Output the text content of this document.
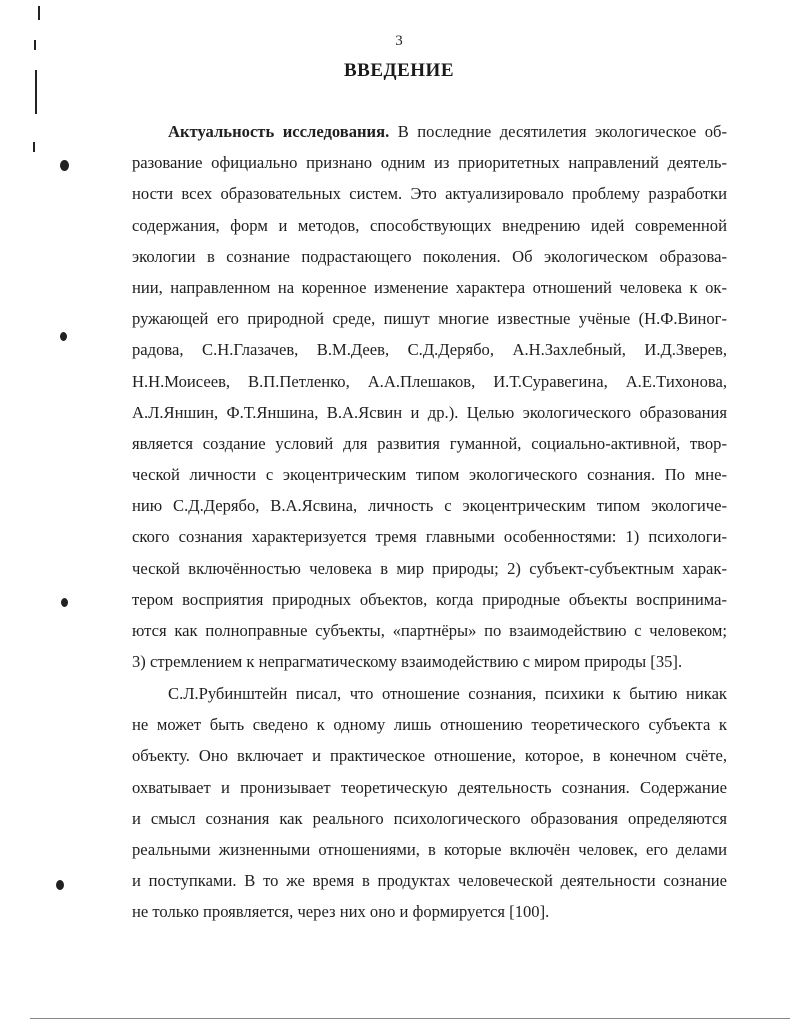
3
ВВЕДЕНИЕ
Актуальность исследования. В последние десятилетия экологическое об-
разование официально признано одним из приоритетных направлений деятель-
ности всех образовательных систем. Это актуализировало проблему разработки
содержания, форм и методов, способствующих внедрению идей современной
экологии в сознание подрастающего поколения. Об экологическом образова-
нии, направленном на коренное изменение характера отношений человека к ок-
ружающей его природной среде, пишут многие известные учёные (Н.Ф.Виног-
радова, С.Н.Глазачев, В.М.Деев, С.Д.Дерябо, А.Н.Захлебный, И.Д.Зверев,
Н.Н.Моисеев, В.П.Петленко, А.А.Плешаков, И.Т.Суравегина, А.Е.Тихонова,
А.Л.Яншин, Ф.Т.Яншина, В.А.Ясвин и др.). Целью экологического образования
является создание условий для развития гуманной, социально-активной, твор-
ческой личности с экоцентрическим типом экологического сознания. По мне-
нию С.Д.Дерябо, В.А.Ясвина, личность с экоцентрическим типом экологиче-
ского сознания характеризуется тремя главными особенностями: 1) психологи-
ческой включённостью человека в мир природы; 2) субъект-субъектным харак-
тером восприятия природных объектов, когда природные объекты воспринима-
ются как полноправные субъекты, «партнёры» по взаимодействию с человеком;
3) стремлением к непрагматическому взаимодействию с миром природы [35].
С.Л.Рубинштейн писал, что отношение сознания, психики к бытию никак
не может быть сведено к одному лишь отношению теоретического субъекта к
объекту. Оно включает и практическое отношение, которое, в конечном счёте,
охватывает и пронизывает теоретическую деятельность сознания. Содержание
и смысл сознания как реального психологического образования определяются
реальными жизненными отношениями, в которые включён человек, его делами
и поступками. В то же время в продуктах человеческой деятельности сознание
не только проявляется, через них оно и формируется [100].
